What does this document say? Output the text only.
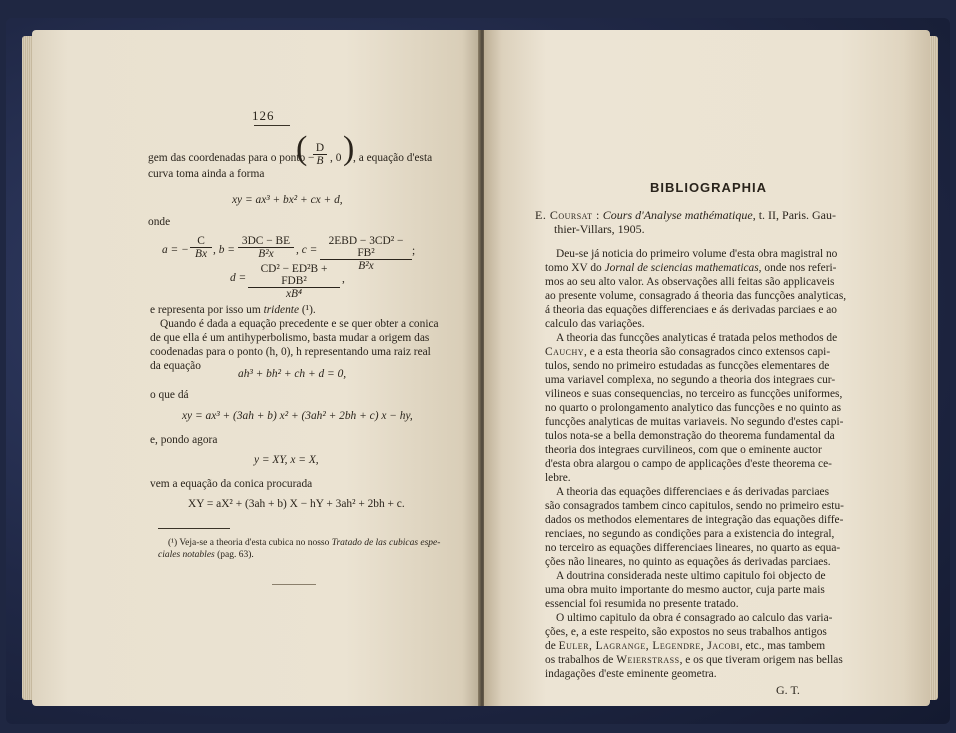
126
gem das coordenadas para o ponto
( −
$\frac{D}{B}$ , 0 )
, a equação d'esta
curva toma ainda a forma
xy = ax³ + bx² + cx + d,
onde
a = − $\frac{C}{Bx}$ , $b = \frac{3DC - BE}{\text{B²x}}$ , c =
2EBD − 3CD² − FB²
B²x
;
d =
CD² − ED²B + FDB²
xB⁴
,
e representa por isso um tridente (¹).
Quando é dada a equação precedente e se quer obter a conica
de que ella é um antihyperbolismo, basta mudar a origem das
coodenadas para o ponto (h, 0), h representando uma raiz real
da equação
ah³ + bh² + ch + d = 0,
o que dá
xy = ax³ + (3ah + b) x² + (3ah² + 2bh + c) x − hy,
e, pondo agora
y = XY, x = X,
vem a equação da conica procurada
XY = aX² + (3ah + b) X − hY + 3ah² + 2bh + c.
(¹) Veja-se a theoria d'esta cubica no nosso Tratado de las cubicas espe-
ciales notables (pag. 63).
BIBLIOGRAPHIA
E. Coursat : Cours d'Analyse mathématique, t. II, Paris. Gau-
thier-Villars, 1905.
Deu-se já noticia do primeiro volume d'esta obra magistral no
tomo XV do Jornal de sciencias mathematicas, onde nos referi-
mos ao seu alto valor. As observações alli feitas são applicaveis
ao presente volume, consagrado á theoria das funcções analyticas,
á theoria das equações differenciaes e ás derivadas parciaes e ao
calculo das variações.
A theoria das funcções analyticas é tratada pelos methodos de
Cauchy, e a esta theoria são consagrados cinco extensos capi-
tulos, sendo no primeiro estudadas as funcções elementares de
uma variavel complexa, no segundo a theoria dos integraes cur-
vilineos e suas consequencias, no terceiro as funcções uniformes,
no quarto o prolongamento analytico das funcções e no quinto as
funcções analyticas de muitas variaveis. No segundo d'estes capi-
tulos nota-se a bella demonstração do theorema fundamental da
theoria dos integraes curvilineos, com que o eminente auctor
d'esta obra alargou o campo de applicações d'este theorema ce-
lebre.
A theoria das equações differenciaes e ás derivadas parciaes
são consagrados tambem cinco capitulos, sendo no primeiro estu-
dados os methodos elementares de integração das equações diffe-
renciaes, no segundo as condições para a existencia do integral,
no terceiro as equações differenciaes lineares, no quarto as equa-
ções não lineares, no quinto as equações ás derivadas parciaes.
A doutrina considerada neste ultimo capitulo foi objecto de
uma obra muito importante do mesmo auctor, cuja parte mais
essencial foi resumida no presente tratado.
O ultimo capitulo da obra é consagrado ao calculo das varia-
ções, e, a este respeito, são expostos no seus trabalhos antigos
de Euler, Lagrange, Legendre, Jacobi, etc., mas tambem
os trabalhos de Weierstrass, e os que tiveram origem nas bellas
indagações d'este eminente geometra.
G. T.
